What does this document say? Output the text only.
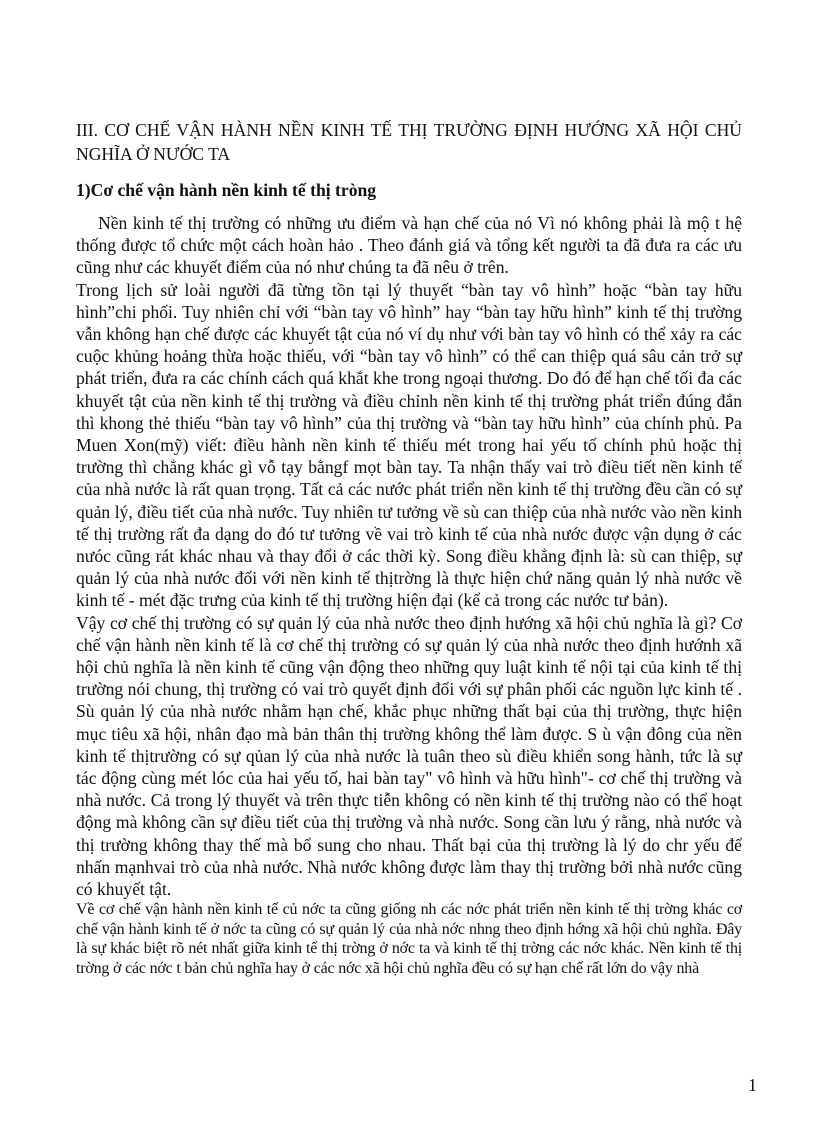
III. CƠ CHẾ VẬN HÀNH NỀN KINH TẾ THỊ TRƯỜNG ĐỊNH HƯỚNG XÃ HỘI CHỦ NGHĨA Ở NƯỚC TA
1)Cơ chế vận hành nền kinh tế thị tròng

Nền kinh tế thị trường có những ưu điểm và hạn chế của nó Vì nó không phải là mộ t hệ thống được tổ chức một cách hoàn hảo . Theo đánh giá và tổng kết người ta đã đưa ra các ưu cũng như các khuyết điểm của nó như chúng ta đã nêu ở trên.

Trong lịch sử loài người đã từng tồn tại lý thuyết “bàn tay vô hình” hoặc “bàn tay hữu hình”chi phối. Tuy nhiên chỉ với “bàn tay vô hình” hay “bàn tay hữu hình” kinh tế thị trường vẫn không hạn chế được các khuyết tật của nó ví dụ như với bàn tay vô hình có thể xảy ra các cuộc khủng hoảng thừa hoặc thiếu, với “bàn tay vô hình” có thể can thiệp quá sâu cản trở sự phát triển, đưa ra các chính cách quá khắt khe trong ngoại thương. Do đó để hạn chế tối đa các khuyết tật của nền kinh tế thị trường và điều chỉnh nền kinh tế thị trường phát triển đúng đắn thì khong thẻ thiếu “bàn tay vô hình” của thị trường và “bàn tay hữu hình” của chính phủ. Pa Muen Xon(mỹ) viết: điều hành nền kinh tế thiếu mét trong hai yếu tố chính phủ hoặc thị trường thì chẳng khác gì vỗ tạy bằngf mọt bàn tay. Ta nhận thấy vai trò điều tiết nền kinh tế của nhà nước là rất quan trọng. Tất cả các nước phát triển nền kinh tế thị trường đều cần có sự quản lý, điều tiết của nhà nước. Tuy nhiên tư tưởng về sù can thiệp của nhà nước vào nền kinh tế thị trường rất đa dạng do đó tư tưởng về vai trò kinh tế của nhà nước được vận dụng ở các nưóc cũng rát khác nhau và thay đổi ở các thời kỳ. Song điều khẳng định là: sù can thiệp, sự quản lý của nhà nước đối với nền kinh tế thịtrờng là thực hiện chứ năng quản lý nhà nước về kinh tế - mét đặc trưng của kinh tế thị trường hiện đại (kể cả trong các nước tư bản).

Vậy cơ chế thị trường có sự quản lý của nhà nước theo định hướng xã hội chủ nghĩa là gì? Cơ chế vận hành nền kinh tế là cơ chế thị trường có sự quản lý của nhà nước theo định hướnh xã hội chủ nghĩa là nền kinh tế cũng vận động theo những quy luật kinh tế nội tại của kinh tế thị trường nói chung, thị trường có vai trò quyết định đối với sự phân phối các nguồn lực kinh tế . Sù quản lý của nhà nước nhằm hạn chế, khắc phục những thất bại của thị trường, thực hiện mục tiêu xã hội, nhân đạo mà bản thân thị trường không thể làm được. S ù vận đông của nền kinh tế thịtrường có sự qủan lý của nhà nước là tuân theo sù điều khiển song hành, tức là sự tác động cùng mét lóc của hai yếu tố, hai bàn tay" vô hình và hữu hình"- cơ chế thị trường và nhà nước. Cả trong lý thuyết và trên thực tiễn không có nền kinh tế thị trường nào có thể hoạt động mà không cần sự điều tiết của thị trường và nhà nước. Song cần lưu ý rằng, nhà nước và thị trường không thay thế mà bổ sung cho nhau. Thất bại của thị trường là lý do chr yếu để nhấn mạnhvai trò của nhà nước. Nhà nước không được làm thay thị trường bởi nhà nước cũng có khuyết tật.

Về cơ chế vận hành nền kinh tế củ nớc ta cũng giống nh các nớc phát triển nền kinh tế thị trờng khác cơ chế vận hành kinh tế ở nớc ta cũng có sự quản lý của nhà nớc nhng theo định hớng xã hội chủ nghĩa. Đây là sự khác biệt rõ nét nhất giữa kinh tế thị trờng ở nớc ta và kinh tế thị trờng các nớc khác. Nền kinh tế thị trờng ở các nớc t bản chủ nghĩa hay ở các nớc xã hội chủ nghĩa đều có sự hạn chế rất lớn do vậy nhà

1
